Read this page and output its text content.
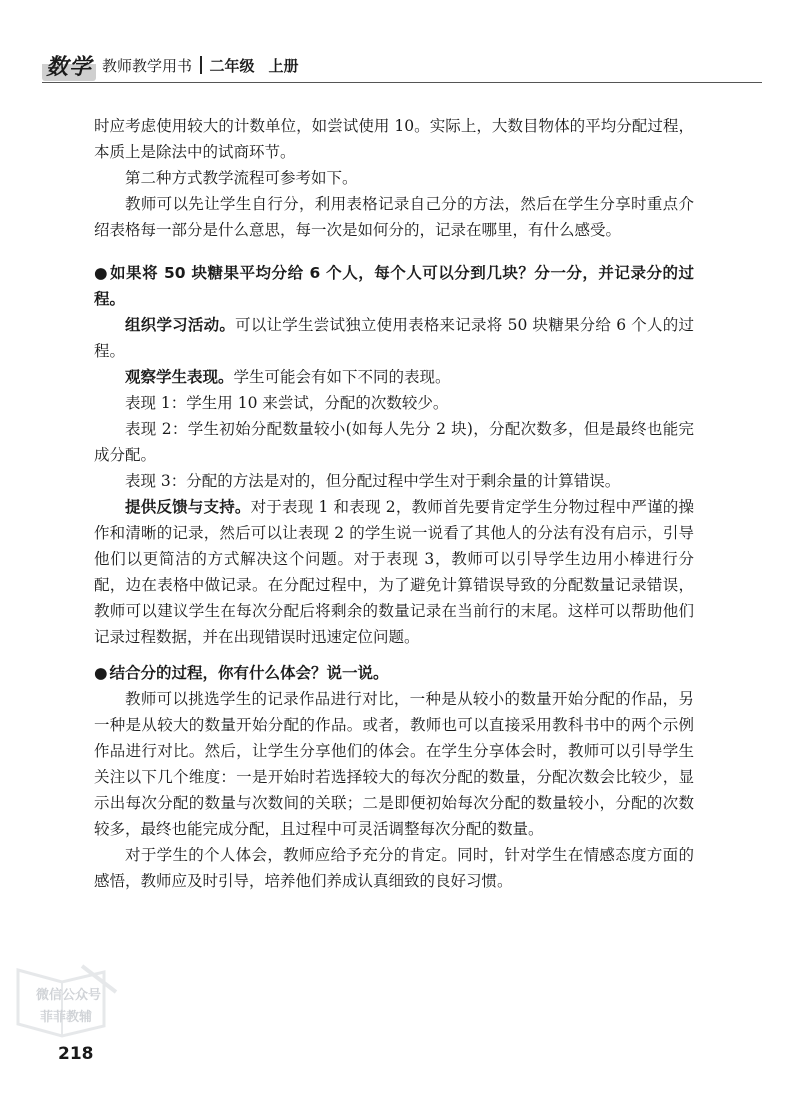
数学 教师教学用书 二年级 上册

时应考虑使用较大的计数单位，如尝试使用 10。实际上，大数目物体的平均分配过程，本质上是除法中的试商环节。

第二种方式教学流程可参考如下。

教师可以先让学生自行分，利用表格记录自己分的方法，然后在学生分享时重点介绍表格每一部分是什么意思，每一次是如何分的，记录在哪里，有什么感受。

● 如果将 50 块糖果平均分给 6 个人，每个人可以分到几块？分一分，并记录分的过程。

组织学习活动。可以让学生尝试独立使用表格来记录将 50 块糖果分给 6 个人的过程。

观察学生表现。学生可能会有如下不同的表现。

表现 1：学生用 10 来尝试，分配的次数较少。

表现 2：学生初始分配数量较小(如每人先分 2 块)，分配次数多，但是最终也能完成分配。

表现 3：分配的方法是对的，但分配过程中学生对于剩余量的计算错误。

提供反馈与支持。对于表现 1 和表现 2，教师首先要肯定学生分物过程中严谨的操作和清晰的记录，然后可以让表现 2 的学生说一说看了其他人的分法有没有启示，引导他们以更简洁的方式解决这个问题。对于表现 3，教师可以引导学生边用小棒进行分配，边在表格中做记录。在分配过程中，为了避免计算错误导致的分配数量记录错误，教师可以建议学生在每次分配后将剩余的数量记录在当前行的末尾。这样可以帮助他们记录过程数据，并在出现错误时迅速定位问题。

● 结合分的过程，你有什么体会？说一说。

教师可以挑选学生的记录作品进行对比，一种是从较小的数量开始分配的作品，另一种是从较大的数量开始分配的作品。或者，教师也可以直接采用教科书中的两个示例作品进行对比。然后，让学生分享他们的体会。在学生分享体会时，教师可以引导学生关注以下几个维度：一是开始时若选择较大的每次分配的数量，分配次数会比较少，显示出每次分配的数量与次数间的关联；二是即便初始每次分配的数量较小，分配的次数较多，最终也能完成分配，且过程中可灵活调整每次分配的数量。

对于学生的个人体会，教师应给予充分的肯定。同时，针对学生在情感态度方面的感悟，教师应及时引导，培养他们养成认真细致的良好习惯。

微信公众号
菲菲教辅
218
